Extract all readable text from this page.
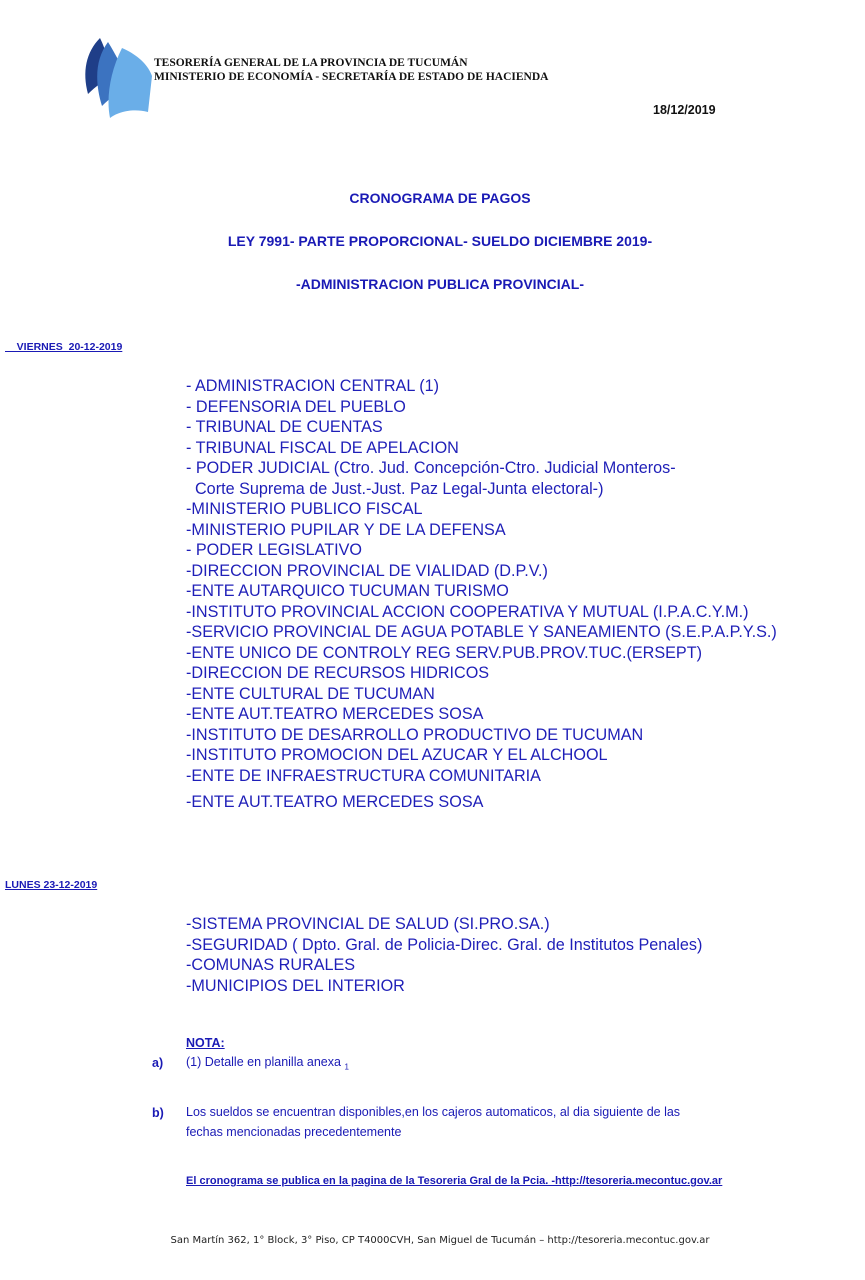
TESORERÍA GENERAL DE LA PROVINCIA DE TUCUMÁN
MINISTERIO DE ECONOMÍA - SECRETARÍA DE ESTADO DE HACIENDA
18/12/2019
CRONOGRAMA DE PAGOS
LEY 7991- PARTE PROPORCIONAL- SUELDO DICIEMBRE 2019-
-ADMINISTRACION PUBLICA PROVINCIAL-
VIERNES  20-12-2019
- ADMINISTRACION CENTRAL (1)
- DEFENSORIA DEL PUEBLO
- TRIBUNAL DE CUENTAS
- TRIBUNAL FISCAL DE APELACION
- PODER JUDICIAL (Ctro. Jud. Concepción-Ctro. Judicial Monteros-
Corte Suprema de Just.-Just. Paz Legal-Junta electoral-)
-MINISTERIO PUBLICO FISCAL
-MINISTERIO PUPILAR Y DE LA DEFENSA
- PODER LEGISLATIVO
-DIRECCION PROVINCIAL DE VIALIDAD (D.P.V.)
-ENTE AUTARQUICO TUCUMAN TURISMO
-INSTITUTO PROVINCIAL ACCION COOPERATIVA Y MUTUAL (I.P.A.C.Y.M.)
-SERVICIO PROVINCIAL DE AGUA POTABLE Y SANEAMIENTO (S.E.P.A.P.Y.S.)
-ENTE UNICO DE CONTROLY REG SERV.PUB.PROV.TUC.(ERSEPT)
-DIRECCION DE RECURSOS HIDRICOS
-ENTE CULTURAL DE TUCUMAN
-ENTE AUT.TEATRO MERCEDES SOSA
-INSTITUTO DE DESARROLLO PRODUCTIVO DE TUCUMAN
-INSTITUTO PROMOCION DEL AZUCAR Y EL ALCHOOL
-ENTE DE INFRAESTRUCTURA COMUNITARIA
-ENTE AUT.TEATRO MERCEDES SOSA
LUNES 23-12-2019
-SISTEMA PROVINCIAL DE SALUD (SI.PRO.SA.)
-SEGURIDAD ( Dpto. Gral. de Policia-Direc. Gral. de Institutos Penales)
-COMUNAS RURALES
-MUNICIPIOS DEL INTERIOR
NOTA:
a) (1) Detalle en planilla anexa $_1$
b) Los sueldos se encuentran disponibles,en los cajeros automaticos, al dia siguiente de las
fechas mencionadas precedentemente
El cronograma se publica en la pagina de la Tesoreria Gral de la Pcia. -http://tesoreria.mecontuc.gov.ar
San Martín 362, 1° Block, 3° Piso, CP T4000CVH, San Miguel de Tucumán – http://tesoreria.mecontuc.gov.ar
